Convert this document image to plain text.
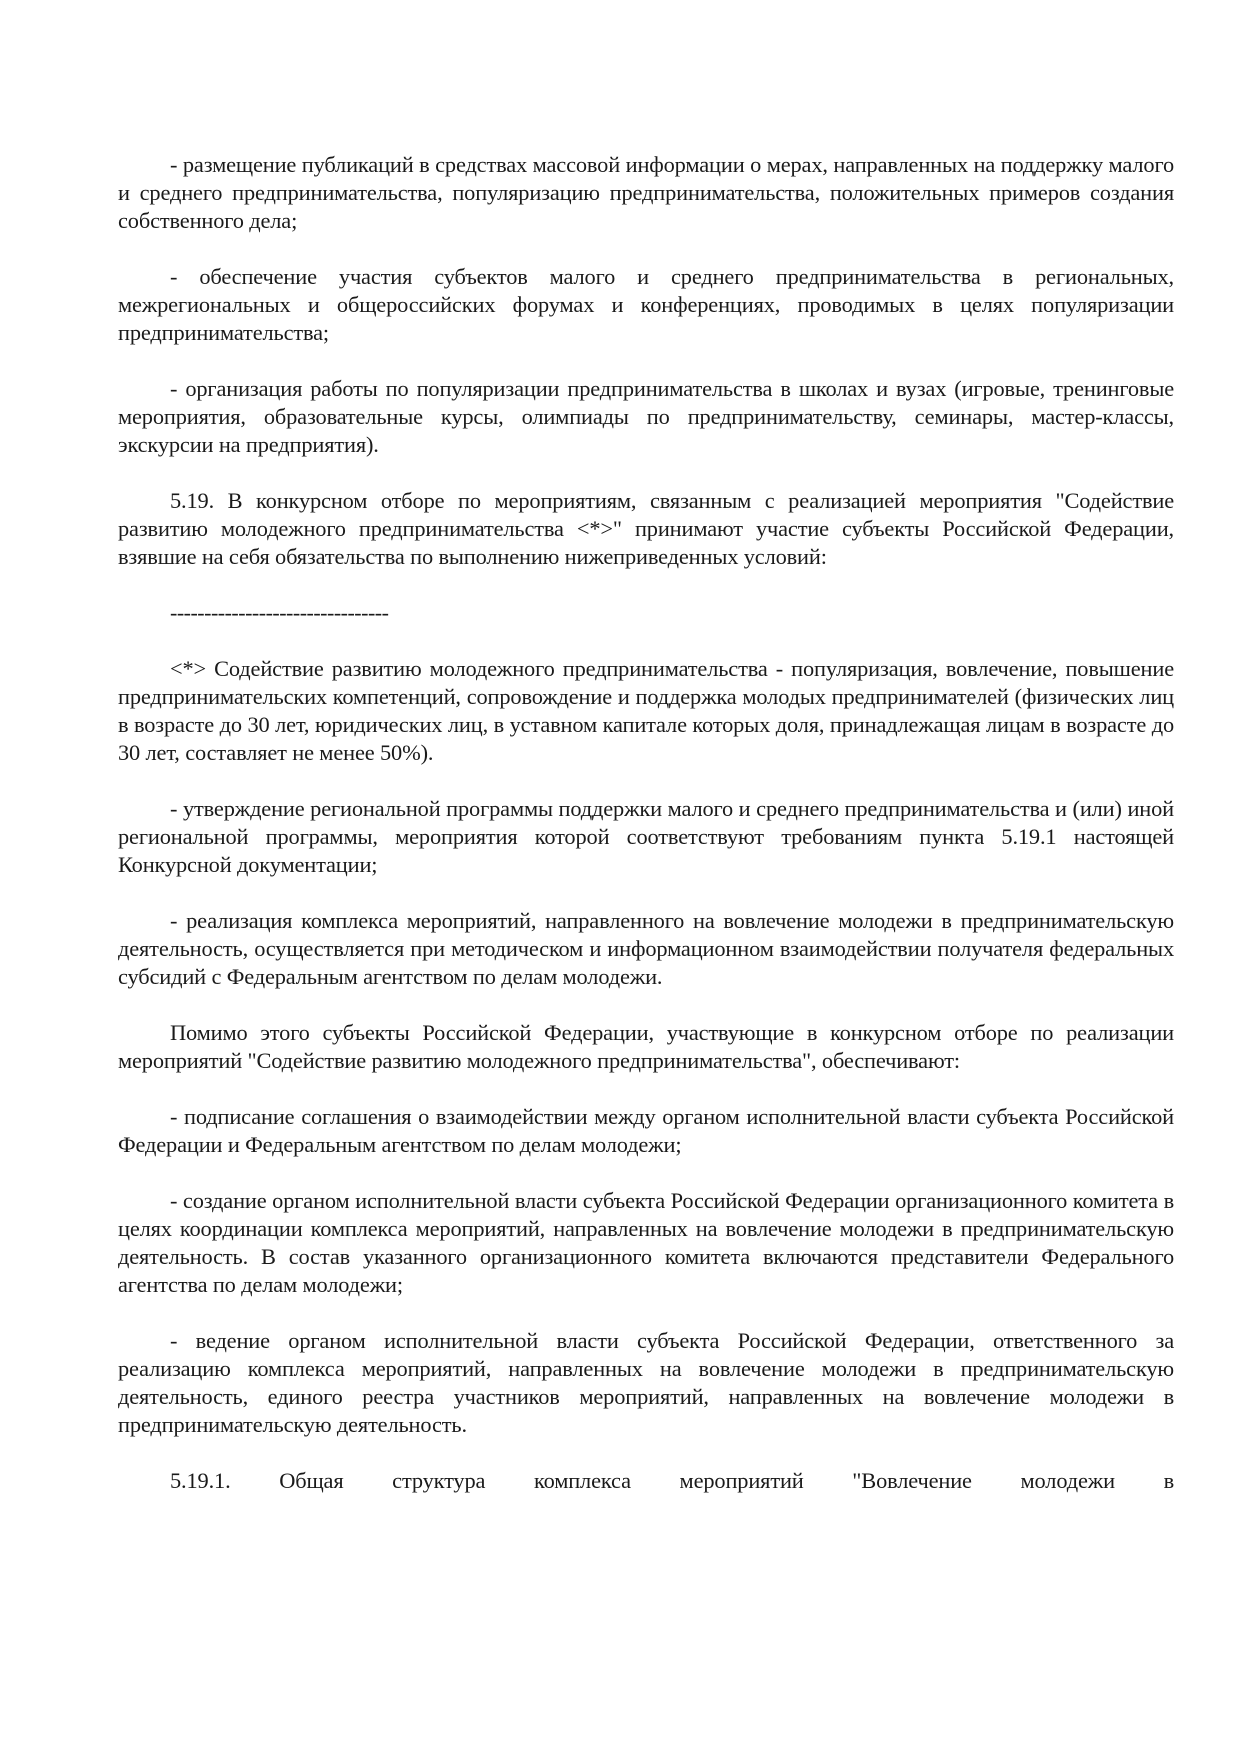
- размещение публикаций в средствах массовой информации о мерах, направленных на поддержку малого и среднего предпринимательства, популяризацию предпринимательства, положительных примеров создания собственного дела;

- обеспечение участия субъектов малого и среднего предпринимательства в региональных, межрегиональных и общероссийских форумах и конференциях, проводимых в целях популяризации предпринимательства;

- организация работы по популяризации предпринимательства в школах и вузах (игровые, тренинговые мероприятия, образовательные курсы, олимпиады по предпринимательству, семинары, мастер-классы, экскурсии на предприятия).

5.19. В конкурсном отборе по мероприятиям, связанным с реализацией мероприятия "Содействие развитию молодежного предпринимательства <*>" принимают участие субъекты Российской Федерации, взявшие на себя обязательства по выполнению нижеприведенных условий:

--------------------------------

<*> Содействие развитию молодежного предпринимательства - популяризация, вовлечение, повышение предпринимательских компетенций, сопровождение и поддержка молодых предпринимателей (физических лиц в возрасте до 30 лет, юридических лиц, в уставном капитале которых доля, принадлежащая лицам в возрасте до 30 лет, составляет не менее 50%).

- утверждение региональной программы поддержки малого и среднего предпринимательства и (или) иной региональной программы, мероприятия которой соответствуют требованиям пункта 5.19.1 настоящей Конкурсной документации;

- реализация комплекса мероприятий, направленного на вовлечение молодежи в предпринимательскую деятельность, осуществляется при методическом и информационном взаимодействии получателя федеральных субсидий с Федеральным агентством по делам молодежи.

Помимо этого субъекты Российской Федерации, участвующие в конкурсном отборе по реализации мероприятий "Содействие развитию молодежного предпринимательства", обеспечивают:

- подписание соглашения о взаимодействии между органом исполнительной власти субъекта Российской Федерации и Федеральным агентством по делам молодежи;

- создание органом исполнительной власти субъекта Российской Федерации организационного комитета в целях координации комплекса мероприятий, направленных на вовлечение молодежи в предпринимательскую деятельность. В состав указанного организационного комитета включаются представители Федерального агентства по делам молодежи;

- ведение органом исполнительной власти субъекта Российской Федерации, ответственного за реализацию комплекса мероприятий, направленных на вовлечение молодежи в предпринимательскую деятельность, единого реестра участников мероприятий, направленных на вовлечение молодежи в предпринимательскую деятельность.

5.19.1. Общая структура комплекса мероприятий "Вовлечение молодежи в
